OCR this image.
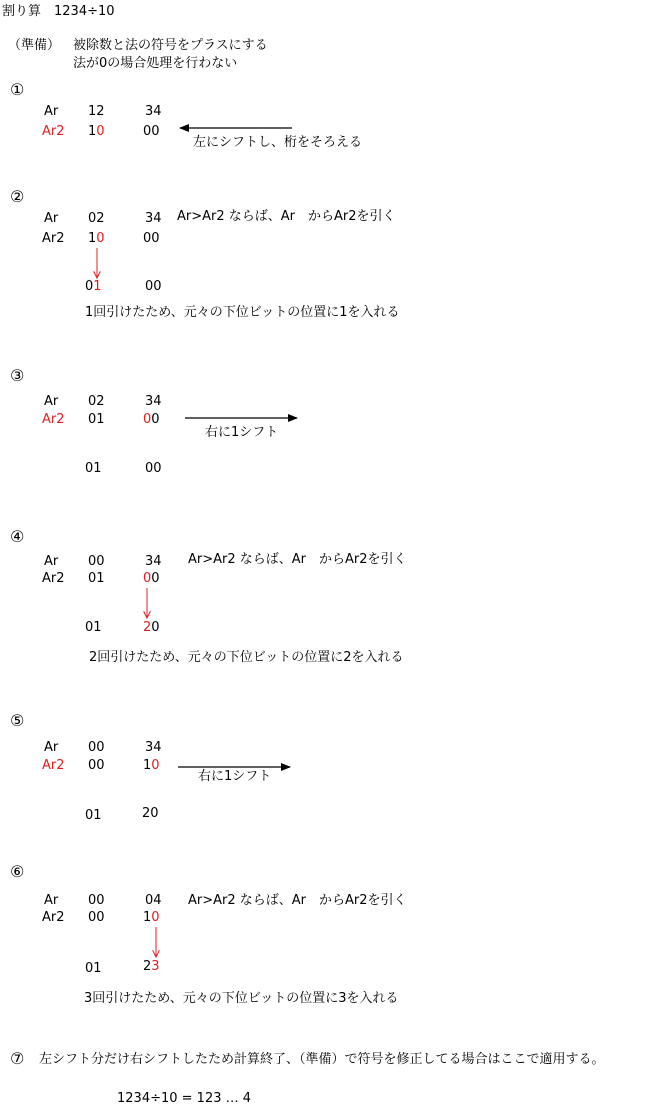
割り算　1234÷10
（準備） 被除数と法の符号をプラスにする
法が0の場合処理を行わない
①
Ar 12	34
Ar2 10	00
左にシフトし、桁をそろえる
②
Ar 02	34 Ar>Ar2 ならば、Ar　からAr2を引く
Ar2 10	00
01	00
1回引けたため、元々の下位ビットの位置に1を入れる
③
Ar 02	34
Ar2 01	00
右に1シフト
01	00
④
Ar 00	34 Ar>Ar2 ならば、Ar　からAr2を引く
Ar2 01	00
01	20
2回引けたため、元々の下位ビットの位置に2を入れる
⑤
Ar 00	34
Ar2 00	10
右に1シフト
01	20
⑥
Ar 00	04 Ar>Ar2 ならば、Ar　からAr2を引く
Ar2 00	10
01	23
3回引けたため、元々の下位ビットの位置に3を入れる
⑦ 左シフト分だけ右シフトしたため計算終了、（準備）で符号を修正してる場合はここで適用する。
1234÷10 = 123 … 4
